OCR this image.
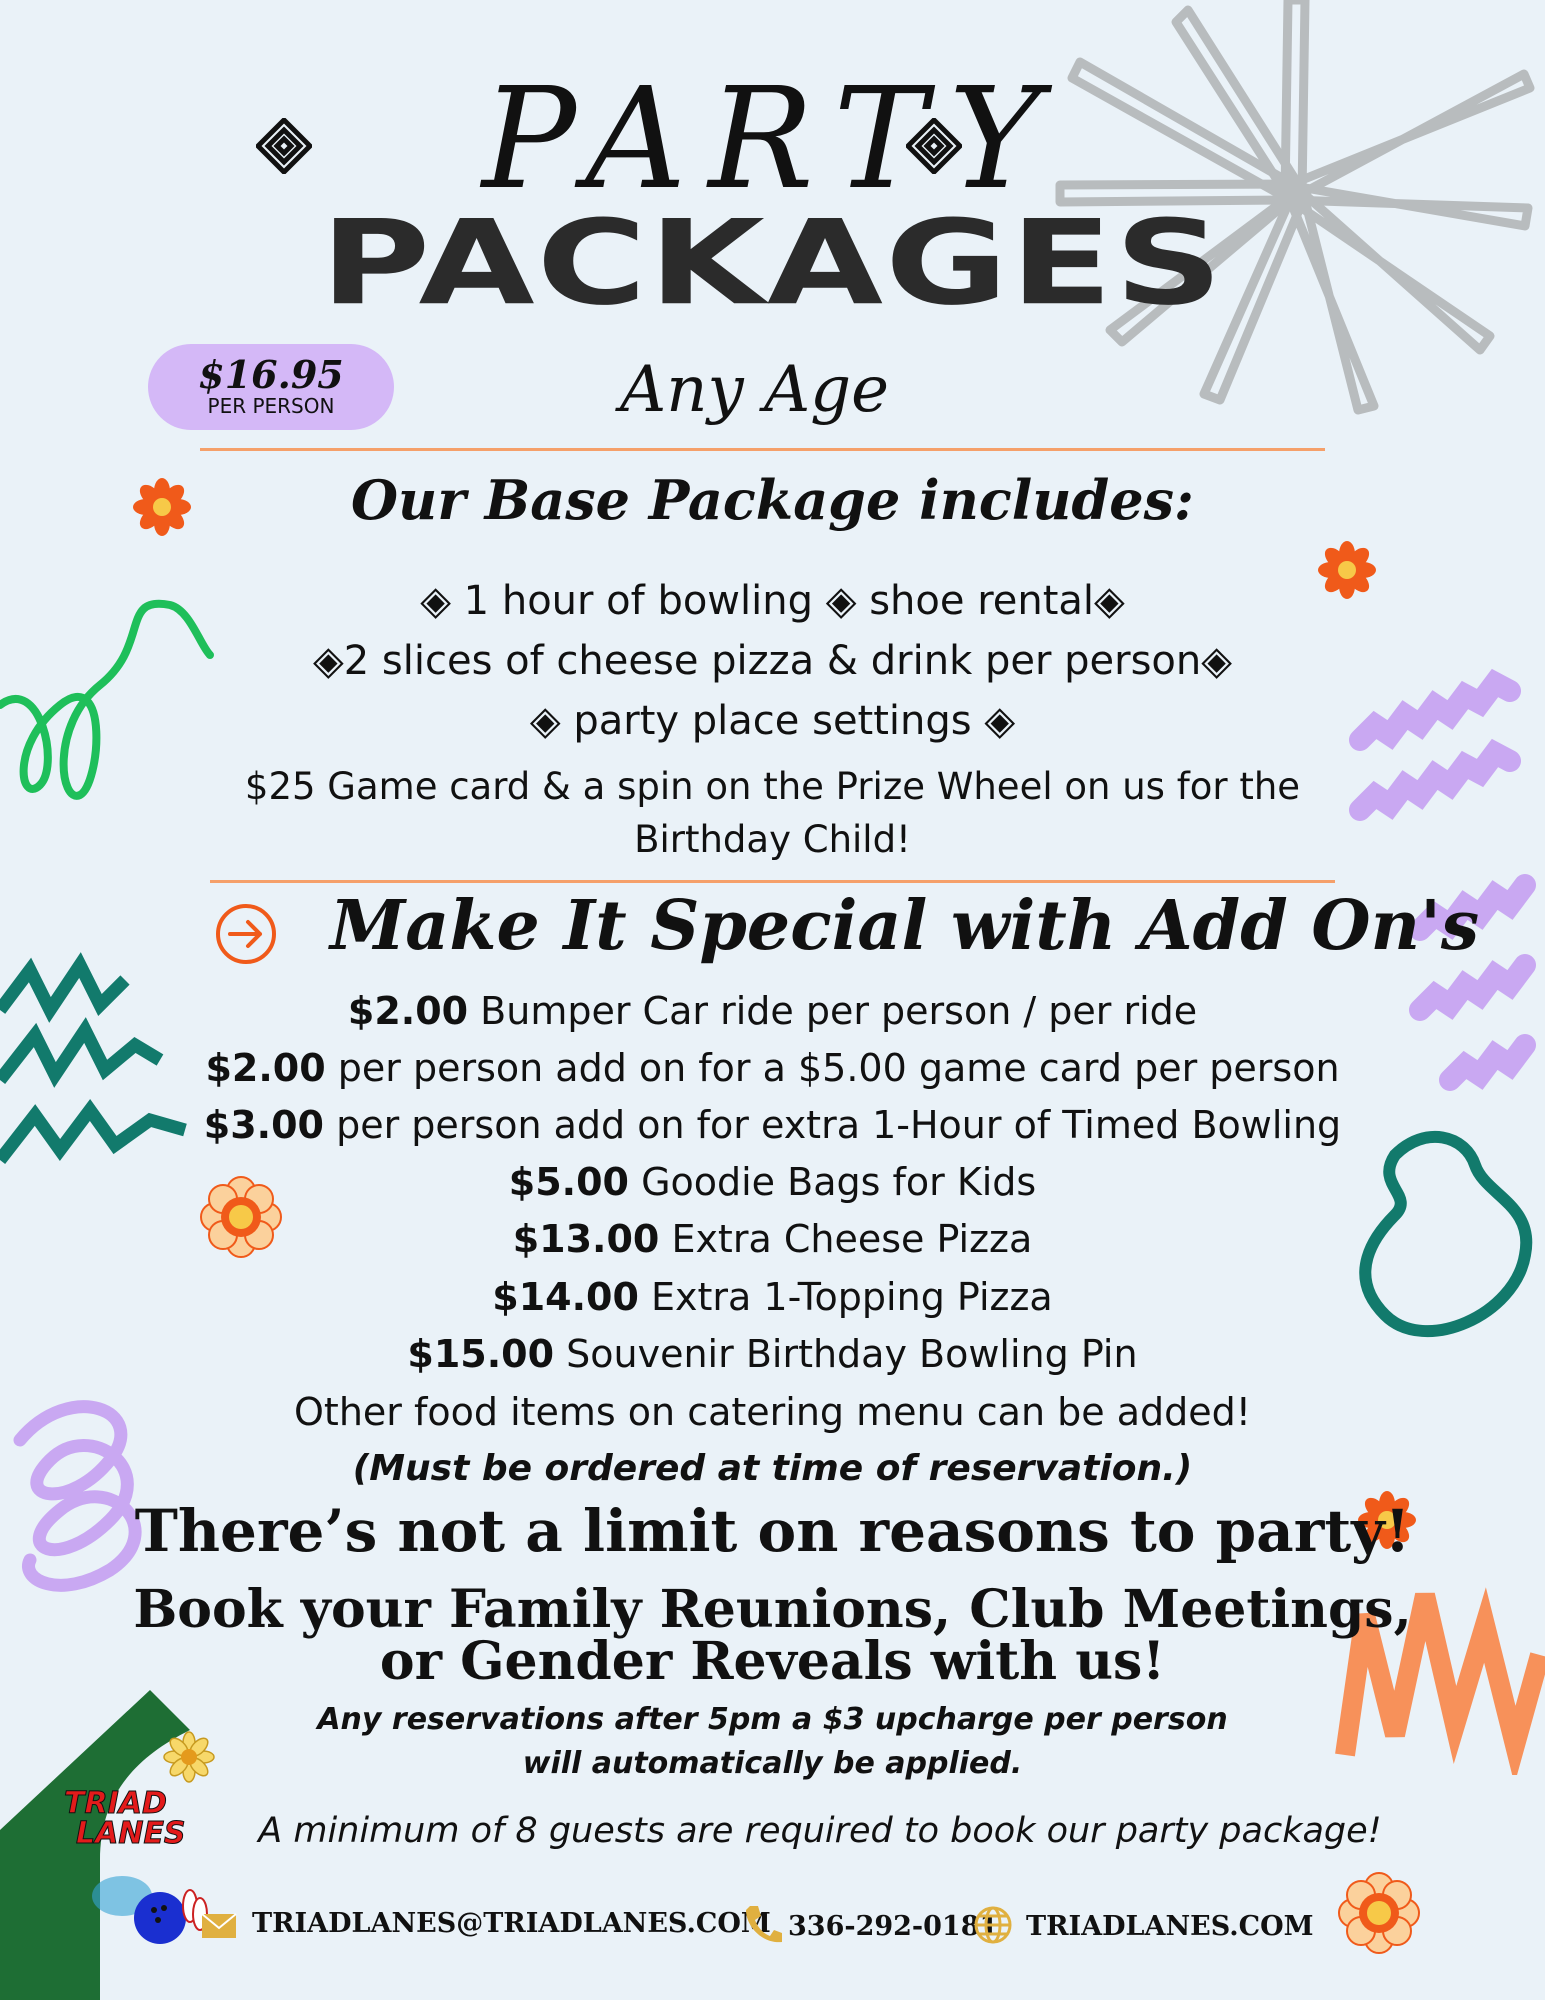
PARTY
PACKAGES
$16.95
PER PERSON	Any Age
Our Base Package includes:
◈ 1 hour of bowling ◈ shoe rental◈
◈2 slices of cheese pizza & drink per person◈
◈ party place settings ◈
$25 Game card & a spin on the Prize Wheel on us for the
Birthday Child!
Make It Special with Add On's
$2.00 Bumper Car ride per person / per ride
$2.00 per person add on for a $5.00 game card per person
$3.00 per person add on for extra 1-Hour of Timed Bowling
$5.00 Goodie Bags for Kids
$13.00 Extra Cheese Pizza
$14.00 Extra 1-Topping Pizza
$15.00 Souvenir Birthday Bowling Pin
Other food items on catering menu can be added!
(Must be ordered at time of reservation.)
There’s not a limit on reasons to party!
Book your Family Reunions, Club Meetings,
or Gender Reveals with us!
Any reservations after 5pm a $3 upcharge per person
will automatically be applied.
A minimum of 8 guests are required to book our party package!
TRIAD
LANES
TRIADLANES@TRIADLANES.COM 336-292-0181 TRIADLANES.COM
